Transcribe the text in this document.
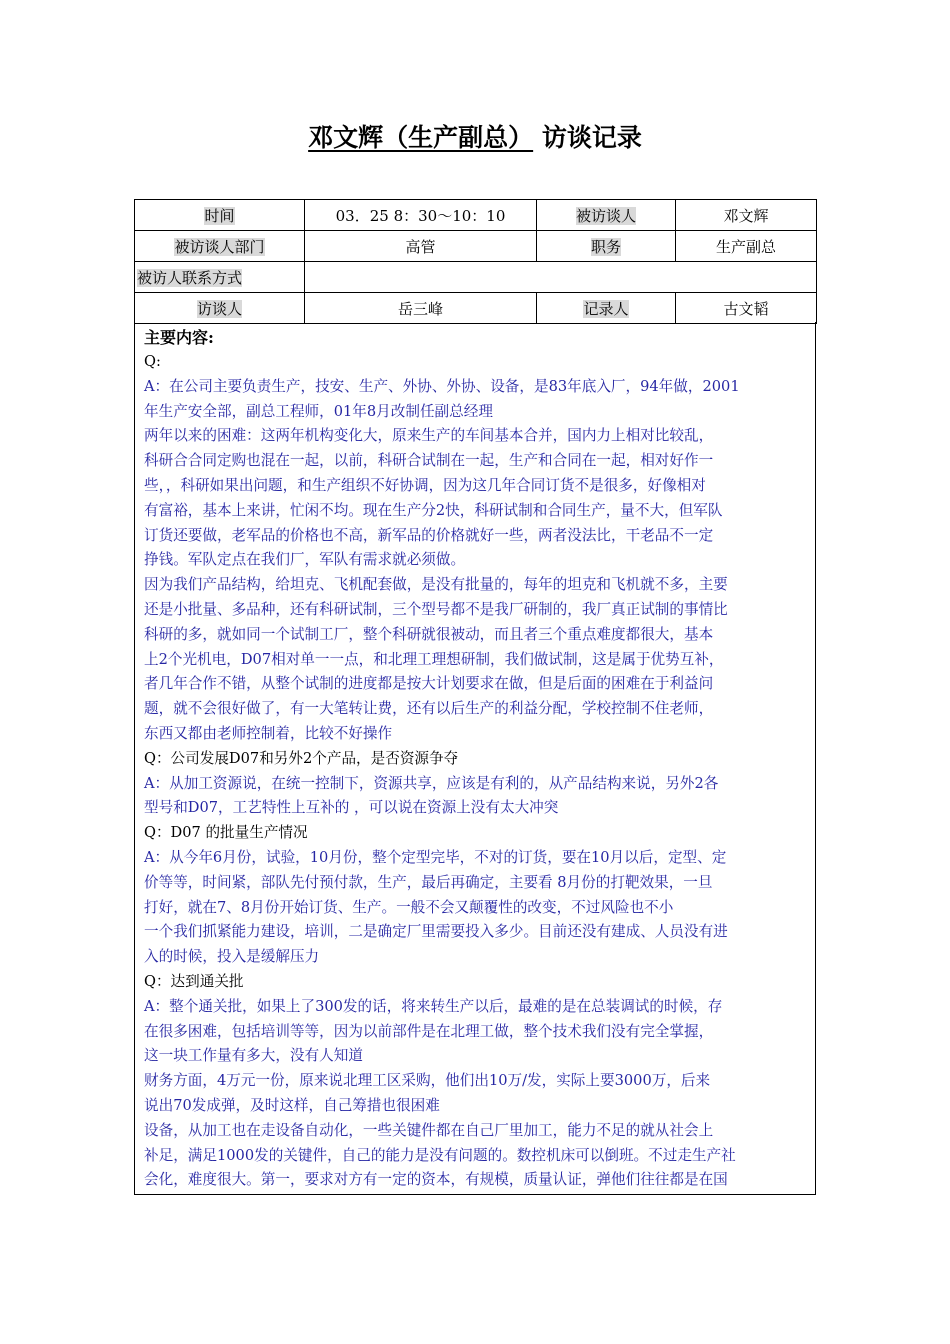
邓文辉（生产副总） 访谈记录
时间	03．25 8：30～10：10	被访谈人	邓文辉
被访谈人部门	高管	职务	生产副总
被访人联系方式			
访谈人	岳三峰	记录人	古文韬
主要内容:
Q:
A：在公司主要负责生产，技安、生产、外协、外协、设备，是83年底入厂，94年做，2001
年生产安全部，副总工程师，01年8月改制任副总经理
两年以来的困难：这两年机构变化大，原来生产的车间基本合并，国内力上相对比较乱，
科研合合同定购也混在一起，以前，科研合试制在一起，生产和合同在一起，相对好作一
些，，科研如果出问题，和生产组织不好协调，因为这几年合同订货不是很多，好像相对
有富裕，基本上来讲，忙闲不均。现在生产分2快，科研试制和合同生产，量不大，但军队
订货还要做，老军品的价格也不高，新军品的价格就好一些，两者没法比，干老品不一定
挣钱。军队定点在我们厂，军队有需求就必须做。
因为我们产品结构，给坦克、飞机配套做，是没有批量的，每年的坦克和飞机就不多，主要
还是小批量、多品种，还有科研试制，三个型号都不是我厂研制的，我厂真正试制的事情比
科研的多，就如同一个试制工厂，整个科研就很被动，而且者三个重点难度都很大，基本
上2个光机电，D07相对单一一点，和北理工理想研制，我们做试制，这是属于优势互补，
者几年合作不错，从整个试制的进度都是按大计划要求在做，但是后面的困难在于利益问
题，就不会很好做了，有一大笔转让费，还有以后生产的利益分配，学校控制不住老师，
东西又都由老师控制着，比较不好操作
Q：公司发展D07和另外2个产品，是否资源争夺
A：从加工资源说，在统一控制下，资源共享，应该是有利的，从产品结构来说，另外2各
型号和D07，工艺特性上互补的 ，可以说在资源上没有太大冲突
Q：D07 的批量生产情况
A：从今年6月份，试验，10月份，整个定型完毕，不对的订货，要在10月以后，定型、定
价等等，时间紧，部队先付预付款，生产，最后再确定，主要看 8月份的打靶效果，一旦
打好，就在7、8月份开始订货、生产。一般不会又颠覆性的改变，不过风险也不小
一个我们抓紧能力建设，培训，二是确定厂里需要投入多少。目前还没有建成、人员没有进
入的时候，投入是缓解压力
Q：达到通关批
A：整个通关批，如果上了300发的话，将来转生产以后，最难的是在总装调试的时候，存
在很多困难，包括培训等等，因为以前部件是在北理工做，整个技术我们没有完全掌握，
这一块工作量有多大，没有人知道
财务方面，4万元一份，原来说北理工区采购，他们出10万/发，实际上要3000万，后来
说出70发成弹，及时这样，自己筹措也很困难
设备，从加工也在走设备自动化，一些关键件都在自己厂里加工，能力不足的就从社会上
补足，满足1000发的关键件，自己的能力是没有问题的。数控机床可以倒班。不过走生产社
会化，难度很大。第一，要求对方有一定的资本，有规模，质量认证，弹他们往往都是在国
